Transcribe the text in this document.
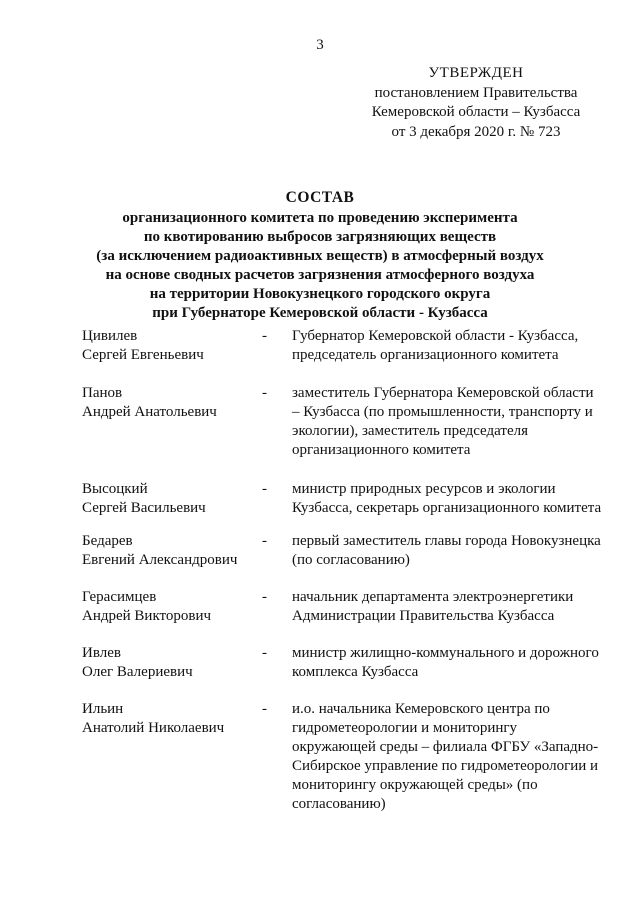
3
УТВЕРЖДЕН
постановлением Правительства
Кемеровской области – Кузбасса
от 3 декабря 2020 г. № 723
СОСТАВ
организационного комитета по проведению эксперимента
по квотированию выбросов загрязняющих веществ
(за исключением радиоактивных веществ) в атмосферный воздух
на основе сводных расчетов загрязнения атмосферного воздуха
на территории Новокузнецкого городского округа
при Губернаторе Кемеровской области - Кузбасса
Цивилев
Сергей Евгеньевич
-	Губернатор Кемеровской области - Кузбасса, председатель организационного комитета
Панов
Андрей Анатольевич
-	заместитель Губернатора Кемеровской области – Кузбасса (по промышленности, транспорту и экологии), заместитель председателя организационного комитета
Высоцкий
Сергей Васильевич
-	министр природных ресурсов и экологии Кузбасса, секретарь организационного комитета
Бедарев
Евгений Александрович
-	первый заместитель главы города Новокузнецка (по согласованию)
Герасимцев
Андрей Викторович
-	начальник департамента электроэнергетики Администрации Правительства Кузбасса
Ивлев
Олег Валериевич
-	министр жилищно-коммунального и дорожного комплекса Кузбасса
Ильин
Анатолий Николаевич
-	и.о. начальника Кемеровского центра по гидрометеорологии и мониторингу окружающей среды – филиала ФГБУ «Западно-Сибирское управление по гидрометеорологии и мониторингу окружающей среды» (по согласованию)
